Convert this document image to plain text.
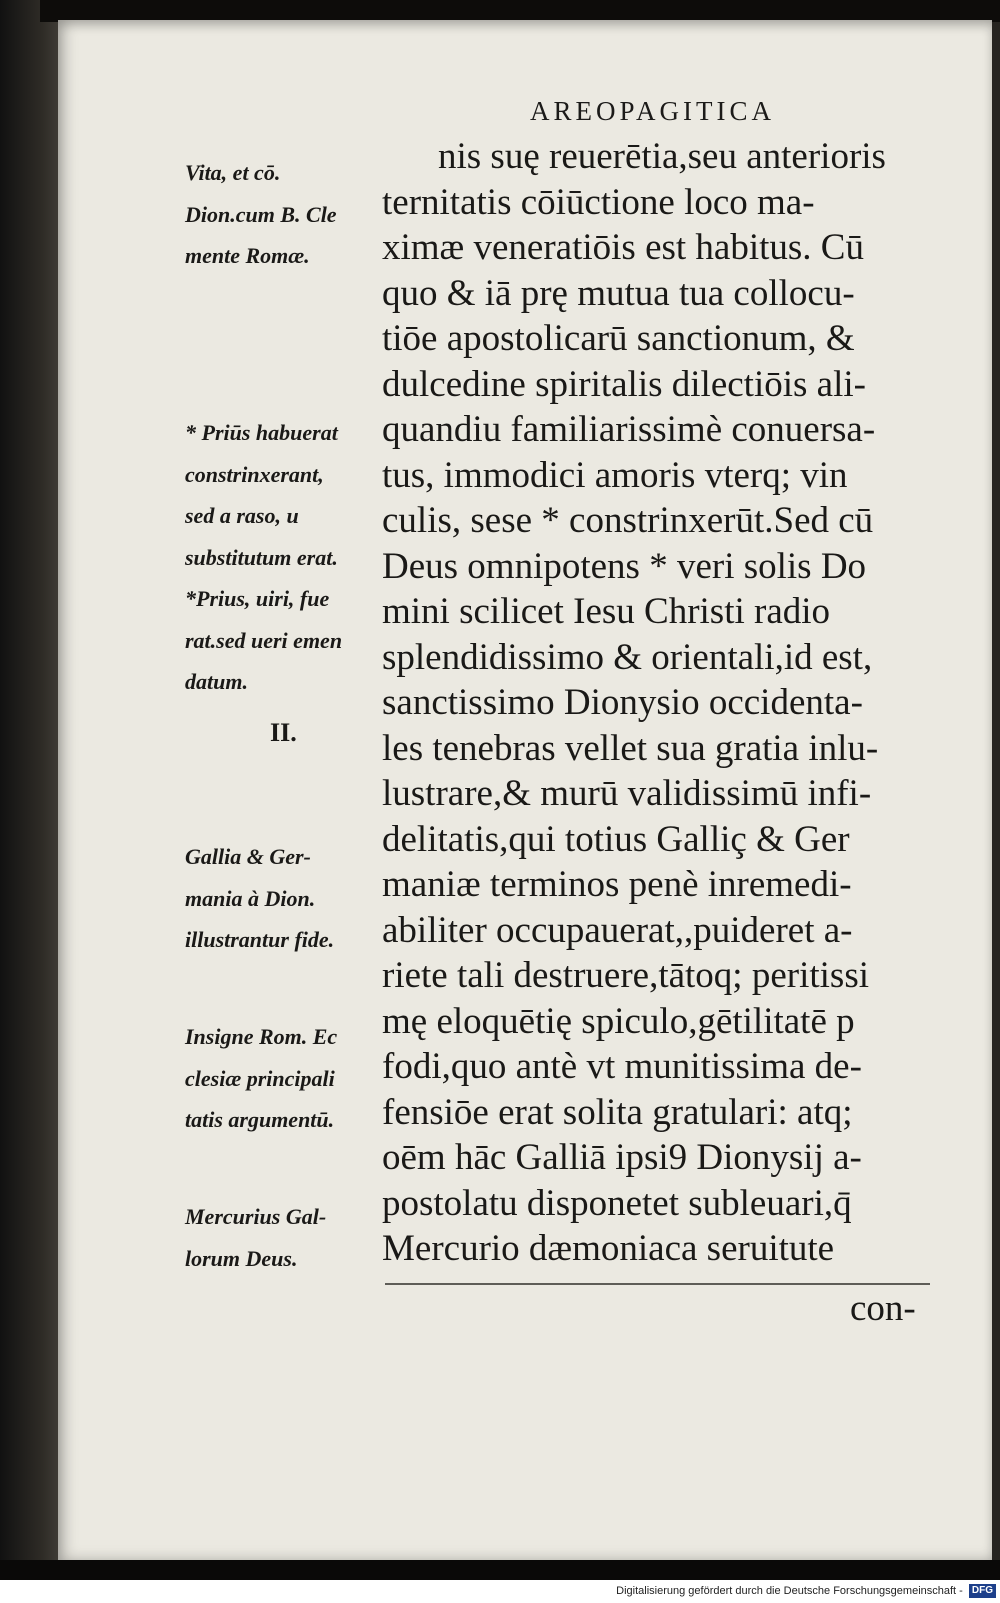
AREOPAGITICA
nis suę reuerētia,seu anterioris
ternitatis cōiūctione loco ma-
ximæ veneratiōis est habitus. Cū
quo & iā prę mutua tua collocu-
tiōe apostolicarū sanctionum, &
dulcedine spiritalis dilectiōis ali-
quandiu familiarissimè conuersa-
tus, immodici amoris vterq; vin
culis, sese * constrinxerūt.Sed cū
Deus omnipotens * veri solis Do
mini scilicet Iesu Christi radio
splendidissimo & orientali,id est,
sanctissimo Dionysio occidenta-
les tenebras vellet sua gratia inlu-
lustrare,& murū validissimū infi-
delitatis,qui totius Galliç & Ger
maniæ terminos penè inremedi-
abiliter occupauerat,,puideret a-
riete tali destruere,tātoq; peritissi
mę eloquētię spiculo,gētilitatē p
fodi,quo antè vt munitissima de-
fensiōe erat solita gratulari: atq;
oēm hāc Galliā ipsi9 Dionysij a-
postolatu disponetet subleuari,q̄
Mercurio dæmoniaca seruitute
Vita, et cō.
Dion.cum B. Cle
mente Romæ.
* Priūs habuerat
constrinxerant,
sed a raso, u
substitutum erat.
*Prius, uiri, fue
rat.sed ueri emen
datum.
II.
Gallia & Ger-
mania à Dion.
illustrantur fide.
Insigne Rom. Ec
clesiæ principali
tatis argumentū.
Mercurius Gal-
lorum Deus.
con-
Digitalisierung gefördert durch die Deutsche Forschungsgemeinschaft - DFG
